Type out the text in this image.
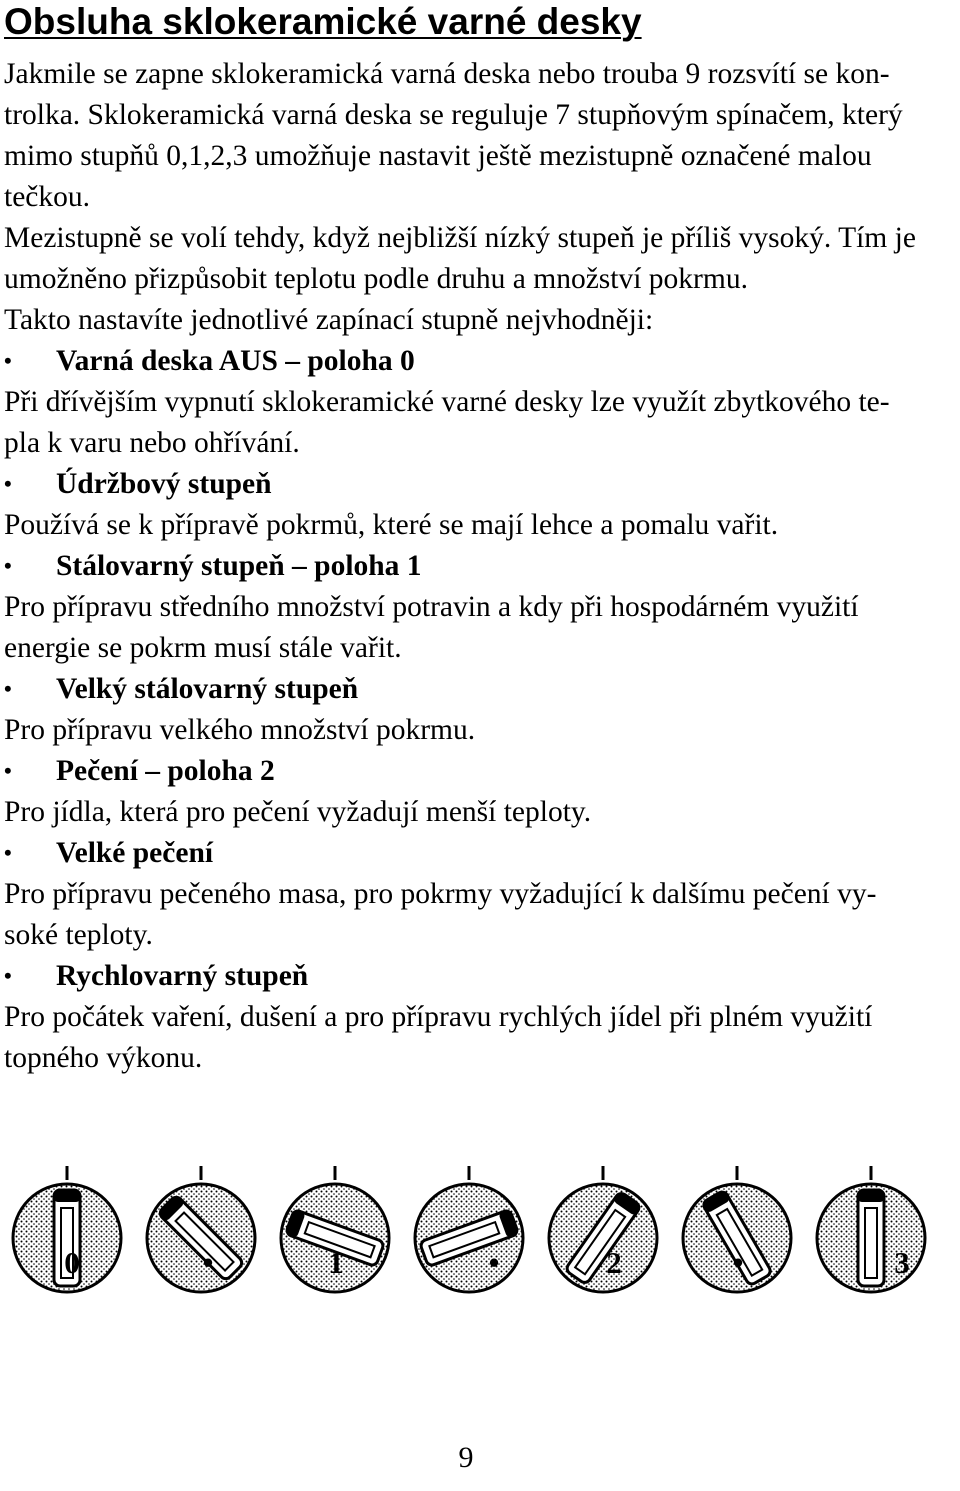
Obsluha sklokeramické varné desky
Jakmile se zapne sklokeramická varná deska nebo trouba 9 rozsvítí se kon-
trolka. Sklokeramická varná deska se reguluje 7 stupňovým spínačem, který
mimo stupňů 0,1,2,3 umožňuje nastavit ještě mezistupně označené malou
tečkou.
Mezistupně se volí tehdy, když nejbližší nízký stupeň je příliš vysoký. Tím je
umožněno přizpůsobit teplotu podle druhu a množství pokrmu.
Takto nastavíte jednotlivé zapínací stupně nejvhodněji:
• Varná deska AUS – poloha 0
Při dřívějším vypnutí sklokeramické varné desky lze využít zbytkového te-
pla k varu nebo ohřívání.
• Údržbový stupeň
Používá se k přípravě pokrmů, které se mají lehce a pomalu vařit.
• Stálovarný stupeň – poloha 1
Pro přípravu středního množství potravin a kdy při hospodárném využití
energie se pokrm musí stále vařit.
• Velký stálovarný stupeň
Pro přípravu velkého množství pokrmu.
• Pečení – poloha 2
Pro jídla, která pro pečení vyžadují menší teploty.
• Velké pečení
Pro přípravu pečeného masa, pro pokrmy vyžadující k dalšímu pečení vy-
soké teploty.
• Rychlovarný stupeň
Pro počátek vaření, dušení a pro přípravu rychlých jídel při plném využití
topného výkonu.
0	•	1	•	2	•	3
9
